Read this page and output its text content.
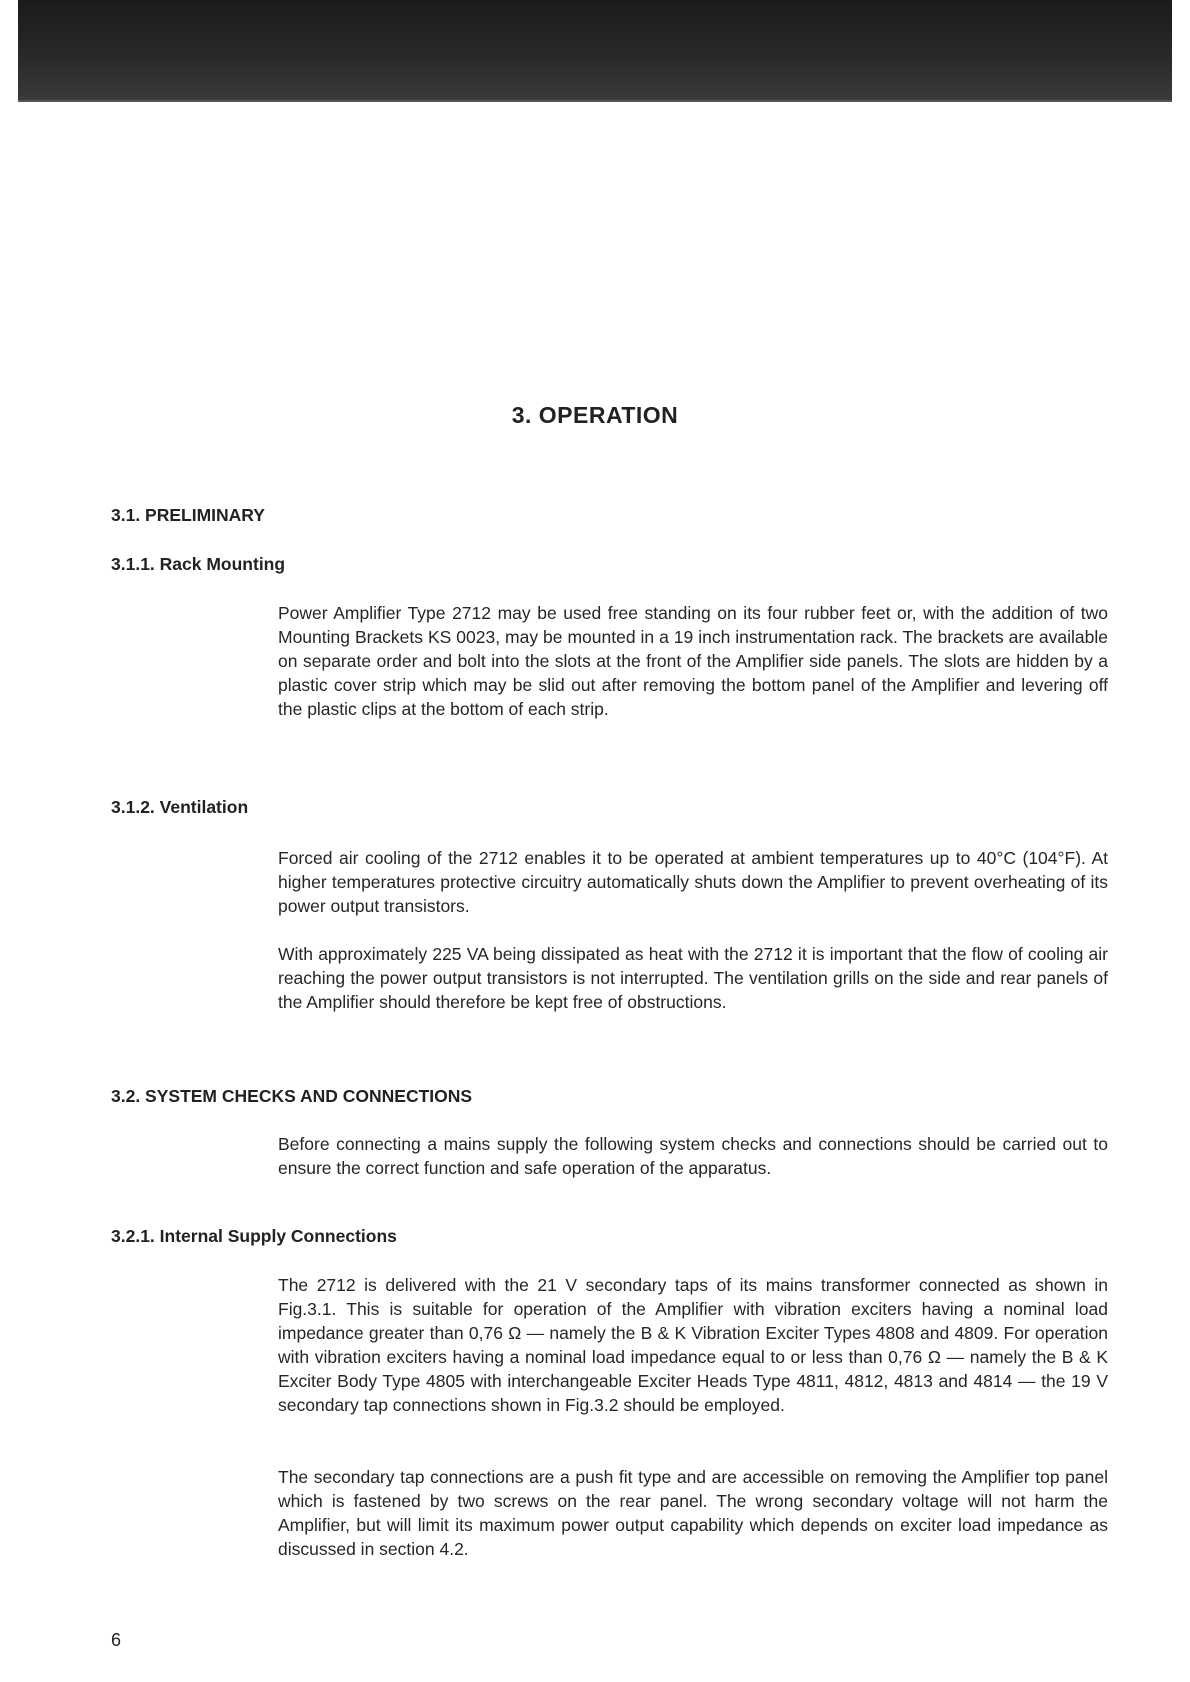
3. OPERATION
3.1. PRELIMINARY
3.1.1. Rack Mounting

Power Amplifier Type 2712 may be used free standing on its four rubber feet or, with the addition of two Mounting Brackets KS 0023, may be mounted in a 19 inch instrumentation rack. The brackets are available on separate order and bolt into the slots at the front of the Amplifier side panels. The slots are hidden by a plastic cover strip which may be slid out after removing the bottom panel of the Amplifier and levering off the plastic clips at the bottom of each strip.

3.1.2. Ventilation

Forced air cooling of the 2712 enables it to be operated at ambient temperatures up to 40°C (104°F). At higher temperatures protective circuitry automatically shuts down the Amplifier to prevent overheating of its power output transistors.

With approximately 225 VA being dissipated as heat with the 2712 it is important that the flow of cooling air reaching the power output transistors is not interrupted. The ventilation grills on the side and rear panels of the Amplifier should therefore be kept free of obstructions.

3.2. SYSTEM CHECKS AND CONNECTIONS

Before connecting a mains supply the following system checks and connections should be carried out to ensure the correct function and safe operation of the apparatus.

3.2.1. Internal Supply Connections

The 2712 is delivered with the 21 V secondary taps of its mains transformer connected as shown in Fig.3.1. This is suitable for operation of the Amplifier with vibration exciters having a nominal load impedance greater than 0,76 Ω — namely the B & K Vibration Exciter Types 4808 and 4809. For operation with vibration exciters having a nominal load impedance equal to or less than 0,76 Ω — namely the B & K Exciter Body Type 4805 with interchangeable Exciter Heads Type 4811, 4812, 4813 and 4814 — the 19 V secondary tap connections shown in Fig.3.2 should be employed.

The secondary tap connections are a push fit type and are accessible on removing the Amplifier top panel which is fastened by two screws on the rear panel. The wrong secondary voltage will not harm the Amplifier, but will limit its maximum power output capability which depends on exciter load impedance as discussed in section 4.2.

6
